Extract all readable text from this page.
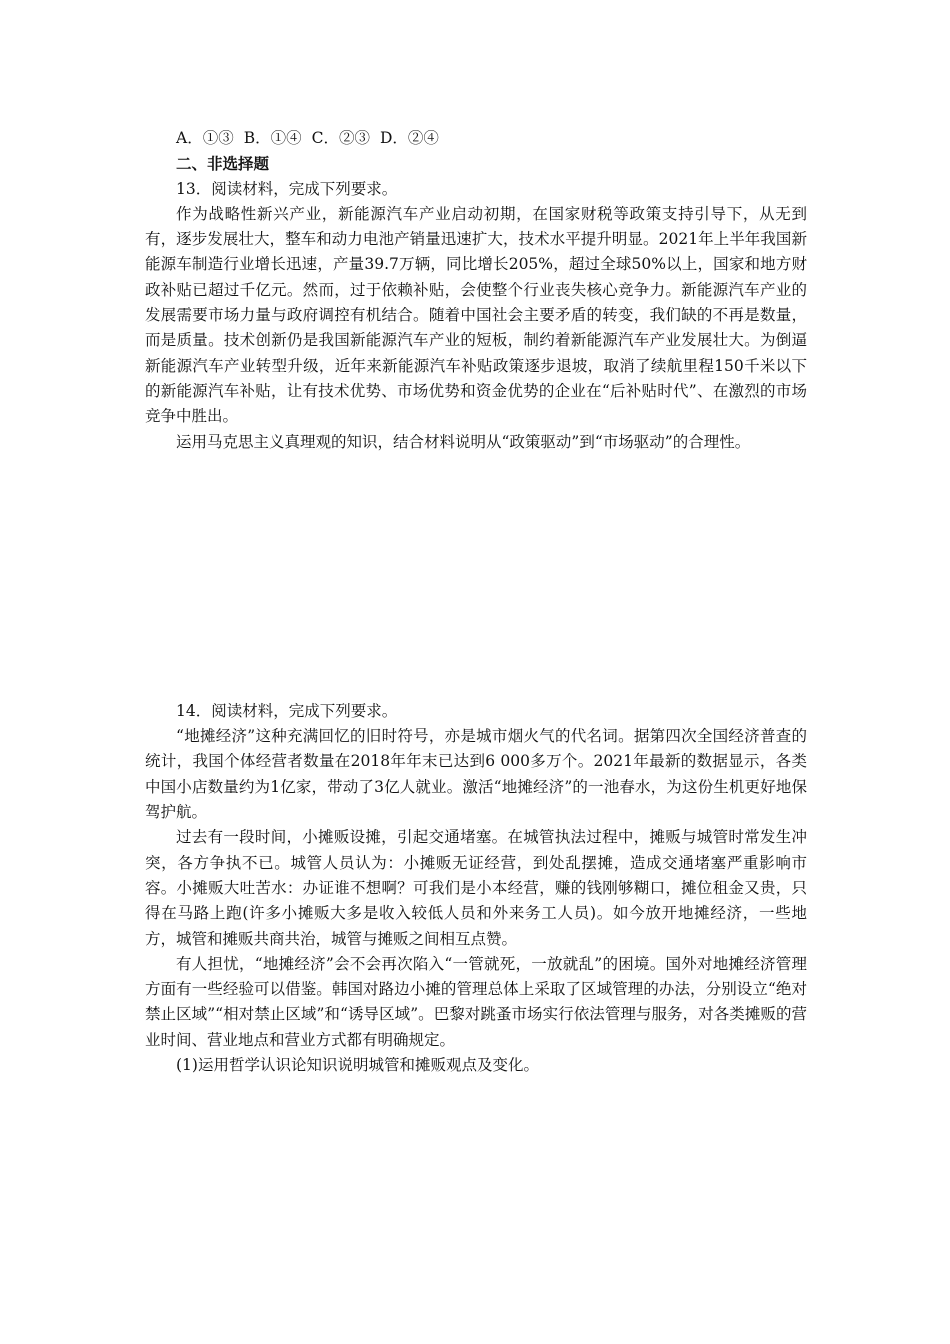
A．①③ B．①④ C．②③ D．②④

二、非选择题

13．阅读材料，完成下列要求。

作为战略性新兴产业，新能源汽车产业启动初期，在国家财税等政策支持引导下，从无到有，逐步发展壮大，整车和动力电池产销量迅速扩大，技术水平提升明显。2021年上半年我国新能源车制造行业增长迅速，产量39.7万辆，同比增长205%，超过全球50%以上，国家和地方财政补贴已超过千亿元。然而，过于依赖补贴，会使整个行业丧失核心竞争力。新能源汽车产业的发展需要市场力量与政府调控有机结合。随着中国社会主要矛盾的转变，我们缺的不再是数量，而是质量。技术创新仍是我国新能源汽车产业的短板，制约着新能源汽车产业发展壮大。为倒逼新能源汽车产业转型升级，近年来新能源汽车补贴政策逐步退坡，取消了续航里程150千米以下的新能源汽车补贴，让有技术优势、市场优势和资金优势的企业在“后补贴时代”、在激烈的市场竞争中胜出。

运用马克思主义真理观的知识，结合材料说明从“政策驱动”到“市场驱动”的合理性。

14．阅读材料，完成下列要求。

“地摊经济”这种充满回忆的旧时符号，亦是城市烟火气的代名词。据第四次全国经济普查的统计，我国个体经营者数量在2018年年末已达到6 000多万个。2021年最新的数据显示，各类中国小店数量约为1亿家，带动了3亿人就业。激活“地摊经济”的一池春水，为这份生机更好地保驾护航。

过去有一段时间，小摊贩设摊，引起交通堵塞。在城管执法过程中，摊贩与城管时常发生冲突，各方争执不已。城管人员认为：小摊贩无证经营，到处乱摆摊，造成交通堵塞严重影响市容。小摊贩大吐苦水：办证谁不想啊？可我们是小本经营，赚的钱刚够糊口，摊位租金又贵，只得在马路上跑(许多小摊贩大多是收入较低人员和外来务工人员)。如今放开地摊经济，一些地方，城管和摊贩共商共治，城管与摊贩之间相互点赞。

有人担忧，“地摊经济”会不会再次陷入“一管就死，一放就乱”的困境。国外对地摊经济管理方面有一些经验可以借鉴。韩国对路边小摊的管理总体上采取了区域管理的办法，分别设立“绝对禁止区域”“相对禁止区域”和“诱导区域”。巴黎对跳蚤市场实行依法管理与服务，对各类摊贩的营业时间、营业地点和营业方式都有明确规定。

(1)运用哲学认识论知识说明城管和摊贩观点及变化。
